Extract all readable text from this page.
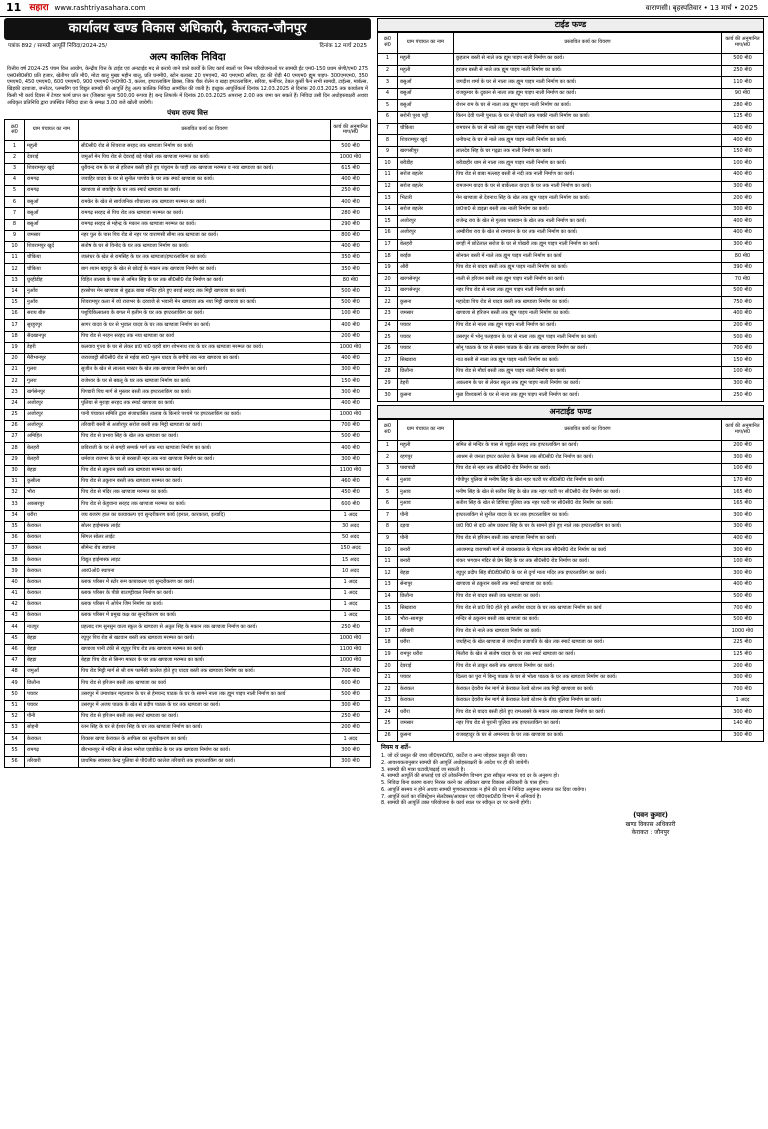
11 सहारा www.rashtriyasahara.com	वाराणसी। बृहस्पतिवार • 13 मार्च • 2025
कार्यालय खण्ड विकास अधिकारी, केराकत-जौनपुर
पत्रांक 892 / सामग्री आपूर्ति निविदा/2024-25/	दिनांक 12 मार्च 2025
अल्प कालिक निविदा

वित्तीय वर्ष 2024-25 पंचम वित्त आयोग, केन्द्रीय वित्त के टाईड एवं अनटाईड मद से कराये जाने वाले कार्यों के लिए कार्य स्थलों पर निम्न परियोजनाओं पर सामग्री ईंट एम0-150 प्रथम श्रेणी/एम0 275 एस0सी0सी0 प्रति हजार, खेतीगर प्रति मी0, मोटा बालू मुख्य महीन बालू, प्रति घनमी0, स्टोन बलास्ट 20 एमएम0, 40 एमएम0 सरिया, इंट की रोड़ी 40 एमएम0 ह्यूम पाइप- 300एमएम0, 350 एमएम0, 450 एमएम0, 600 एमएम0, 900 एमएम0 एन0पी0-3, कलश, इण्टरलाकिंग ब्रिक्स, जिक चैंक रोलेन व खड़ा इण्टरलाकिंग, सरिया, फर्नीचर, टेबल कुर्सी फैन सभी सामग्री, टाईल्स, मार्बल्स, खिड़की दरवाजा, जनरेटर, प्लम्बरिंग एवं विद्युत सामग्री की आपूर्ति हेतु अल्प कालिक निविदा आमंत्रित की जाती है। इच्छुक आपूर्तिकर्ता दिनांक 12.03.2025 से दिनांक 20.03.2025 तक कार्यालय में किसी भी कार्य दिवस में टेण्डर फार्म प्राप्त कर (जिसका मूल्य 500.00 रूपया है) बन्द लिफाफे में दिनांक 20.03.2025 अपरान्ह 2.00 तक जमा कर सकते हैं। निविदा उसी दिन अधोहस्ताक्षरी अथवा अधिकृत प्रतिनिधि द्वारा उपस्थित निविदा दाता के समक्ष 3.00 बजे खोली जायेगी।

पंचम राज्य वित्त
क्र0 सं0	ग्राम पंचायत का नाम	प्रस्तावित कार्य का विवरण	कार्य की अनुमानित माप/सं0
1	महुली	सी0सी0 रोड से शिवराज सरहद तक खण्डजा निर्माण का कार्य।	500 मी0
2	देवराई	जमुआँ मेन पिच रोड से देवराई बड़े पोखरे तक खण्डजा मरम्मत का कार्य।	1000 मी0
3	शिवरामपुर खुर्द	धुरीवन्द राम के घर से हरिजन बस्ती होते हुए पंचुराम के पाही तक खण्डजा मरम्मत व नया खण्डजा का कार्य।	615 मी0
4	रामगढ़	जवाहिर यादव के घर से सुनील पाण्डेय के घर तक स्मार्ट खण्डजा का कार्य।	400 मी0
5	रामगढ़	खण्डजा से जवाहिर के घर तक स्मार्ट खण्डजा का कार्य।	250 मी0
6	बसुआँ	रामकेर के खेत से सार्वजनिक शौचालय तक खण्डजा मरम्मत का कार्य।	400 मी0
7	बसुआँ	रामगढ़ सरहद से पिच रोड तक खण्डजा मरम्मत का कार्य।	280 मी0
8	बसुआँ	रामगढ़ सरहद से महेन्द्र के मकान तक खण्डजा मरम्मत का कार्य।	290 मी0
9	जमसार	नहर पुल के पास पिच रोड से नहर पर वाराणसी सीमा तक खण्डजा का कार्य।	800 मी0
10	शिवरामपुर खुर्द	संतोष के घर से विनोद के घर तक खण्डजा निर्माण का कार्य।	400 मी0
11	चौकिया	जालंधर के खेत से रामसिंह के घर तक खण्डजा/इण्टरलाकिंग का कार्य।	350 मी0
12	चौकिया	बाग श्याम बहादुर के खेत से छोटई के मकान तक खण्डजा निर्माण का कार्य।	350 मी0
13	घुरहीडीह	विहित तालाब के पास से अमित सिंह के घर तक सी0सी0 रोड निर्माण का कार्य।	80 मी0
14	नुआँव	हरसोपर मेन खण्डजा से बुढ़ऊ बाबा मन्दिर होते हुए बराई सरहद तक मिट्टी खण्डजा का कार्य।	500 मी0
15	नुआँव	शिवरामपुर कला में रघे राजभर के दरवाजे से भवानी मेन खण्डजा तक नया मिट्टी खण्डजा का कार्य।	500 मी0
16	सराय बीरु	पशुचिकित्सालय के बगल में हलीम के घर तक इण्टरलाकिंग का कार्य।	100 मी0
17	सुरहुरपुर	सागर यादव के घर से भुवाल यादव के घर तक खण्डजा निर्माण का कार्य।	400 मी0
18	सैदखानपुर	पिच रोड से नरहन सरहद तक नया खण्डजा का कार्य	200 मी0
19	डेहरी	कलवाव गुप्ता के घर से लेकर प्रा0 पा0 वहरी बाग शोभनाथ राय के घर तक खण्डजा मरम्मत का कार्य।	1000 मी0
20	मैरीभानपुर	जराजवट्टी सी0सी0 रोड से मईया स्व0 भूलन यादव के बगीचे तक नया खण्डजा का कार्य।	400 मी0
21	गुलरा	सुजीत के खेत से लालता मास्टर के खेत तक खण्डजा निर्माण का कार्य।	300 मी0
22	गुलरा	राजेश्वर के घर से बबलू के घर तक खण्डजा निर्माण का कार्य।	150 मी0
23	खर्गसेनपुर	पिण्डारी पिच मार्ग से मुस्तार बस्ती तक इण्टरलाकिंग का कार्य।	300 मी0
24	अजोरपुर	पुलिया से मुराहा सरहद तक स्मार्ट खण्डजा का कार्य।	400 मी0
25	अजोरपुर	पानी पंचायत समिति द्वारा संजाधासित तालाब के किनारे पश्चमे पर इण्टरलाकिंग का कार्य।	1000 मी0
26	अजोरपुर	तरियारी बस्ती से अजोरपुर सरोज बस्ती तक मिट्टी खण्डजा का कार्य।	700 मी0
27	अमिहित	पिच रोड से प्रभाव सिंह के खेत तक खण्डजा का कार्य।	500 मी0
28	बेलहरी	छविराजी के घर से बगही सम्पर्क मार्ग तक नया खण्डजा निर्माण का कार्य।	400 मी0
29	बेलहरी	धर्मराज राजभर के घर से बरसाती नहर तक नया खण्डजा निर्माण का कार्य।	300 मी0
30	बेहड़ा	पिच रोड से ठकुरान बस्ती तक खण्डजा मरम्मत का कार्य।	1100 मी0
31	कुसीला	पिच रोड से ठकुरान बस्ती तक खण्डजा मरम्मत का कार्य।	460 मी0
32	भौरा	पिच रोड से मंदिर तक खण्डजा मरम्मत का कार्य।	450 मी0
33	अकबरपुर	पिच रोड से केहुवाना सरहद तक खण्डजा मरम्मत का कार्य।	600 मी0
34	धरौरा	जय बजरंग हाल का कायाकल्प एवं सुन्दरीकरण कार्य (इनाल, कारकाता, इत्यादि)	1 अदद
35	केराकत	सोलर हाईमास्क लाईट	30 अदद
36	केराकत	सिंगल सोलर लाईट	50 अदद
37	केराकत	सीमेन्ट बेंच स्थापना	150 अदद
38	केराकत	विद्युत हाईमास्क लाइट	15 अदद
39	केराकत	आर0ओ0 स्थापना	10 अदद
40	केराकत	ब्लाक परिसर में स्टोर रूम कायाकल्प एवं सुन्दरीकरण का कार्य।	1 अदद
41	केराकत	ब्लाक परिसर के पीछे बाउण्ड्रीवाल निर्माण का कार्य।	1 अदद
42	केराकत	ब्लाक परिसर में ओपेन जिम निर्माण का कार्य।	1 अदद
43	केराकत	ब्लाक परिसर में प्रमुख कक्ष का सुन्दरीकरण का कार्य।	1 अदद
44	नाउपुर	प्रहलाद राम सुनसुन वाला स्कूल के खण्डजा से अतुल सिंह के मकान तक खण्डजा निर्माण का कार्य।	250 मी0
45	बेहड़ा	रघुपुर पिच रोड से खटवान बस्ती तक खण्डजा मरम्मत का कार्य।	1000 मी0
46	बेहड़ा	खण्डजा पानी टंकी से रघुपुर पिच रोड तक खण्डजा मरम्मत का कार्य।	1100 मी0
47	बेहड़ा	बेहड़ा पिच रोड से सिनग मास्टर के घर तक खण्डजा मरम्मत का कार्य।	1000 मी0
48	जमुआँ	पिच रोड मिट्टी मार्ग से श्री राम फार्मेसी कालेज होते हुए यादव बस्ती तक खण्डजा निर्माण का कार्य।	700 मी0
49	छितौना	पिच रोड से हरिजन बस्ती तक खण्डजा का कार्य	600 मी0
50	पचवर	उसरपुर में उमाशंकर महतवान के घर से हेमचन्द पाठक के घर के सामने नाला तक ह्यूम पाइप नाली निर्माण का कार्य	500 मी0
51	पचवर	उसरपुर में अजय पाठक के खेत से प्रदीप पाठक के घर तक खण्डजा का कार्य।	300 मी0
52	पौनी	पिच रोड से हरिजन बस्ती तक स्मार्ट खण्डजा का कार्य।	250 मी0
53	सोहनी	रतन सिंह के घर से ईश्वर सिंह के घर तक खण्डजा निर्माण का कार्य।	200 मी0
54	केराकत	विकास खण्ड केराकत के आफिस का सुन्दरीकरण का कार्य।	1 अदद
55	रामगढ़	बीरभानपुर में मन्दिर से लेकर मनोज एडवोकेट के घर तक खण्डजा निर्माण का कार्य।	300 मी0
56	तरियारी	प्राथमिक स्वास्थ्य केन्द्र पुलिया से पी0जी0 कालेज तरियारी तक इण्टरलाकिंग का कार्य।	300 मी0
टाईड फण्ड
क्र0 सं0	ग्राम पंचायत का नाम	प्रस्तावित कार्य का विवरण	कार्य की अनुमानित माप/सं0
1	महुली	कुहतान बस्ती से नाले तक ह्यूम पाइप नाली निर्माण का कार्य।	500 मी0
2	महुली	हरजन बस्ती से नाले तक ह्यूम पाइप नाली निर्माण का कार्य।	250 मी0
3	बसुआँ	जगदीश शर्मा के घर से नाला तक ह्यूम पाइप नाली निर्माण का कार्य।	110 मी0
4	बसुआँ	राजकुमार के दुकान से नाला तक ह्यूम पाइप नाली निर्माण का कार्य।	90 मी0
5	बसुआँ	रोशन राम के घर से नाला तक ह्यूम पाइप नाली निर्माण का कार्य।	280 मी0
6	सरोनी पूरब पट्टी	किरन देवी पत्नी पुनाऊ के घर से पोखरी तक पक्की नाली निर्माण का कार्य।	125 मी0
7	चौकिया	रामचरन के घर से नाले तक ह्यूम पाइप नाली निर्माण का कार्य	400 मी0
8	शिवरामपुर खुर्द	धनीचन्द के घर से नाले तक ह्यूम पाइप नाली निर्माण का कार्य।	400 मी0
9	खरगसीपुर	लालदेव सिंह के घर गढ़्ढा तक नाली निर्माण का कार्य।	150 मी0
10	बरीडीह	बरीडाहीर धाम से नाला तक ह्यूम पाइप नाली निर्माण का कार्य।	100 मी0
11	सरोज बहलेर	पिच रोड से बाबा मल्लाह बस्ती से नदी तक नाली निर्माण का कार्य।	400 मी0
12	सरोज बहलेर	रामजनम यादव के घर से बार्केलाल यादव के घर तक नाली निर्माण का कार्य।	300 मी0
13	भिटारी	मेन खण्डजा से देवनाथ सिंह के खेत तक ह्यूम पाइप नाली निर्माण का कार्य।	200 मी0
14	सरोज बहलेर	प्रा0पा0 से डाइन्ना बस्ती तक नाली निर्माण का कार्य।	300 मी0
15	अजोरपुर	राजेन्द्र राय के खेत से गुलाब पासवान के खेत तक नाली निर्माण का कार्य।	400 मी0
16	अजोरपुर	अम्बीरीश राय के खेत से रामचरन के घर तक नाली निर्माण का कार्य।	400 मी0
17	बेलहरी	बगही में छोटेलाल सरोज के घर से पोखरी तक ह्यूम पाइप नाली निर्माण का कार्य।	300 मी0
18	बरईछ	सोनकर बस्ती में नाले तक ह्यूम पाइप नाली निर्माण का कार्य	80 मी0
19	औरी	पिच रोड से यादव बस्ती तक ह्यूम पाइप नाली निर्माण का कार्य।	390 मी0
20	खरगसेनपुर	नाली से हरिजन बस्ती तक ह्यूम पाइप नाली निर्माण का कार्य।	70 मी0
21	खरगसेनपुर	नहर पिच रोड से नाला तक ह्यूम पाइप नाली निर्माण का कार्य।	500 मी0
22	कुसना	महादेवा पिच रोड से यादव बस्ती तक खण्डजा निर्माण का कार्य।	750 मी0
23	जमसार	खण्डजा से हरिजन बस्ती तक ह्यूम पाइप नाली निर्माण का कार्य।	400 मी0
24	पचवर	पिच रोड से नाला तक ह्यूम पाइप नाली निर्माण का कार्य।	200 मी0
25	पचवर	उसरपुर में भोनू पलहवान के घर से नाला तक ह्यूम पाइप नाली निर्माण का कार्य।	500 मी0
26	पचवर	सोनू पाठक के घर से बब्बन पाठक के खेत तक खण्डजा निर्माण का कार्य।	700 मी0
27	सिखवारा	नाउ बस्ती से नाला तक ह्यूम पाइप नाली निर्माण का कार्य।	150 मी0
28	छितौना	पिच रोड से मौर्या बस्ती तक ह्यूम पाइप नाली निर्माण का कार्य।	100 मी0
29	डेहरी	अकलाम के घर से लेकर स्कूल तक ह्यूम पाइप नाली निर्माण का कार्य।	300 मी0
30	कुसना	मुन्ना विश्वकर्मा के घर से नाला तक ह्यूम पाइप नाली निर्माण का कार्य।	250 मी0
अनटाईड फण्ड
क्र0 सं0	ग्राम पंचायत का नाम	प्रस्तावित कार्य का विवरण	कार्य की अनुमानित माप/सं0
1	महुली	समित से मन्दिर के पास से पट्टईल सरहद तक इण्टरलाकिंग का कार्य।	200 मी0
2	रहगपुर	आश्रम से जनता इण्टर कालेज के कैम्पस तक सी0सी0 रोड निर्माण का कार्य।	300 मी0
3	पारापाटी	पिच रोड से नहर तक सी0सी0 रोड निर्माण का कार्य।	100 मी0
4	नुआव	गोपीपुर पुलिया से मनीष सिंह के खेत नहर पटरी पर सी0सी0 रोड निर्माण का कार्य।	170 मी0
5	नुआव	मनीष सिंह के खेत से सतीश सिंह के खेत तक नहर पटरी पर सी0सी0 रोड निर्माण का कार्य।	165 मी0
6	नुआव	सतीश सिंह के खेत से डिपिया पुलिया तक नहर पटरी पर सी0सी0 रोड निर्माण का कार्य।	165 मी0
7	पौनी	इण्टरलाकिंग से सुनील यादव के घर तक इण्टरलाकिंग का कार्य।	300 मी0
8	दड़वा	प्रा0 वि0 से दा0 ओम प्रकाश सिंह के घर के सामने होते हुए नाले तक इण्टरलाकिंग का कार्य।	300 मी0
9	पौनी	पिच रोड से हरिजन बस्ती तक खण्डजा निर्माण का कार्य।	400 मी0
10	बनारी	आजमगढ़ वाराणसी मार्ग से जायसवाल के गोदाम तक सी0सी0 रोड निर्माण का कार्य	300 मी0
11	बनारी	शंकर भगवान मंदिर से प्रेम सिंह के घर तक सी0सी0 रोड निर्माण का कार्य।	100 मी0
12	बेहड़ा	रघुपुर प्रदीप सिंह बी0डी0सी0 के घर से दुर्गा माता मंदिर तक इण्टरलाकिंग का कार्य।	300 मी0
13	सेनापुर	खण्डजा से ठकुरान बस्ती तक स्मार्ट खण्डजा का कार्य।	400 मी0
14	छितौना	पिच रोड से यादव बस्ती तक खण्डजा का कार्य।	500 मी0
15	सिखवारा	पिच रोड से प्रा0 वि0 होते हुये अमरीश यादव के घर तक खण्डजा निर्माण का कार्य	700 मी0
16	भौरा–सामपुर	मन्दिर से ठकुरान बस्ती तक खण्डजा का कार्य।	500 मी0
17	तरियारी	पिच रोड से नाले तक खण्डजा निर्माण का कार्य।	1000 मी0
18	धरौरा	जयहिन्द के खेत खण्डजा से जगदीश प्रजापति के खेत तक स्मार्ट खण्डजा का कार्य।	225 मी0
19	रामपुर धरौरा	मिलौरा के खेत से संतोष यादव के घर तक स्मार्ट खण्डजा का कार्य।	125 मी0
20	देवराई	पिच रोड से ठाकुर बस्ती तक खण्डजा निर्माण का कार्य।	200 मी0
21	पचवर	दिल्ला का पुरा में बिन्दु पाठक के घर से भोला पाठक के घर तक खण्डजा निर्माण का कार्य।	300 मी0
22	केराकत	केराकत देवरीय मेन मार्ग से केराकत रेलवे स्टेशन तक मिट्टी खण्डजा का कार्य।	700 मी0
23	केराकत	केराकत देवरीय मेन मार्ग से केराकत रेलवे स्टेशन के बीच पुलिया निर्माण का कार्य।	1 अदद
24	धरौरा	पिच रोड से यादव बस्ती होते हुए रामआसरे के मकान तक खण्डजा निर्माण का कार्य।	300 मी0
25	जमसार	नहर पिच रोड से पुरानी पुलिया तक इण्टरलाकिंग का कार्य।	140 मी0
26	कुसना	राजबहादुर के घर से अमरनाथ के घर तक खण्डजा का कार्य।	300 मी0
नियम व शर्ते–
1. जो दरें प्रस्तुत की जाय जी0एस0टी0, कार्टेज व अन्य जोड़कर प्रस्तुत की जाय।
2. आवश्यकतानुसार सामग्री की आपूर्ति अधोहस्ताक्षरी के आदेश पर ही की जायेगी।
3. सामग्री की मात्रा घटायी/बढ़ाई जा सकती है।
4. सामग्री आपूर्ति की सप्लाई एवं दरें लोकनिर्माण विभाग द्वारा स्वीकृत मानक एवं दर के अनुरूप हो।
5. निविदा बिना कारण बताए निरस्त करने का अधिकार खण्ड विकास अधिकारी के पास होगा।
6. आपूर्ति सस्मय न होने अथवा सामग्री गुणवत्ताधायक न होने की दशा में निविदा अनुबन्ध समाप्त कर दिया जायेगा।
7. आपूर्ति कर्ता का रजिस्ट्रेशन सेलटैक्स/आयकर एवं जी0एस0टी0 विभाग में अनिवार्य है।
8. सामग्री की आपूर्ति उक्त परियोजना के कार्य स्थल पर स्वीकृत दर पर करनी होगी।
(पवन कुमार)
खण्ड विकास अधिकारी
केराकत : जौनपुर
